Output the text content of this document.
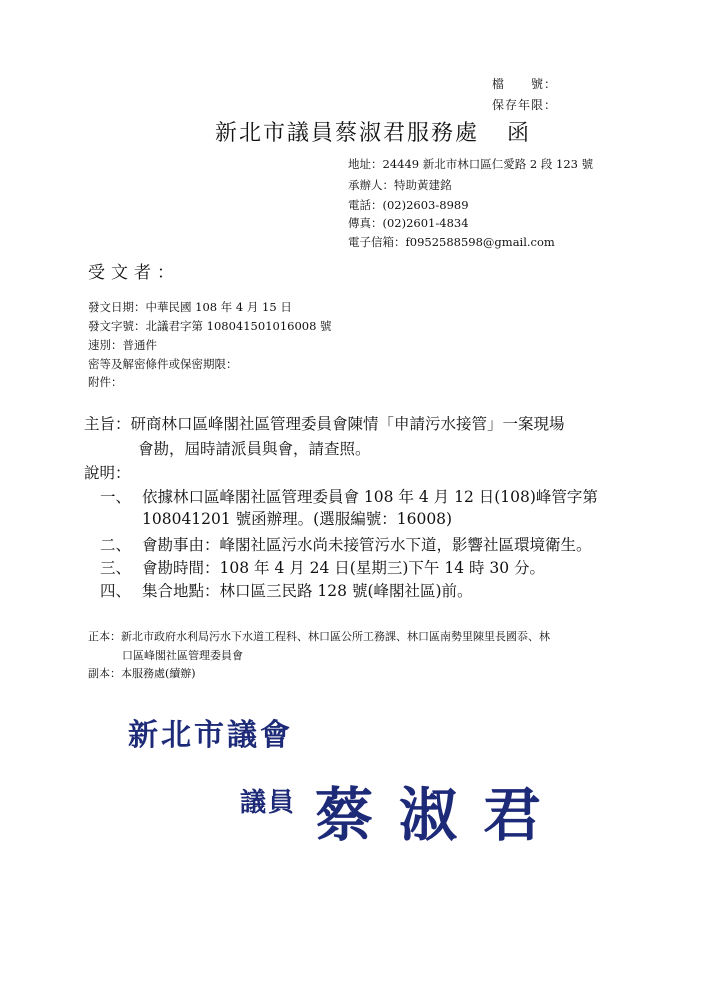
檔　　號：
保存年限：
新北市議員蔡淑君服務處 函
地址：24449 新北市林口區仁愛路 2 段 123 號
承辦人：特助黃建銘
電話：(02)2603-8989
傳真：(02)2601-4834
電子信箱：f0952588598@gmail.com
受文者：
發文日期：中華民國 108 年 4 月 15 日
發文字號：北議君字第 108041501016008 號
速別：普通件
密等及解密條件或保密期限：
附件：
主旨：研商林口區峰閣社區管理委員會陳情「申請污水接管」一案現場
會勘，屆時請派員與會，請查照。
說明：
一、 依據林口區峰閣社區管理委員會 108 年 4 月 12 日(108)峰管字第
108041201 號函辦理。(選服編號：16008)
二、 會勘事由：峰閣社區污水尚未接管污水下道，影響社區環境衛生。
三、 會勘時間：108 年 4 月 24 日(星期三)下午 14 時 30 分。
四、 集合地點：林口區三民路 128 號(峰閣社區)前。
正本：新北市政府水利局污水下水道工程科、林口區公所工務課、林口區南勢里陳里長國忝、林
口區峰閣社區管理委員會
副本：本服務處(續辦)
新北市議會
議員 蔡淑君
